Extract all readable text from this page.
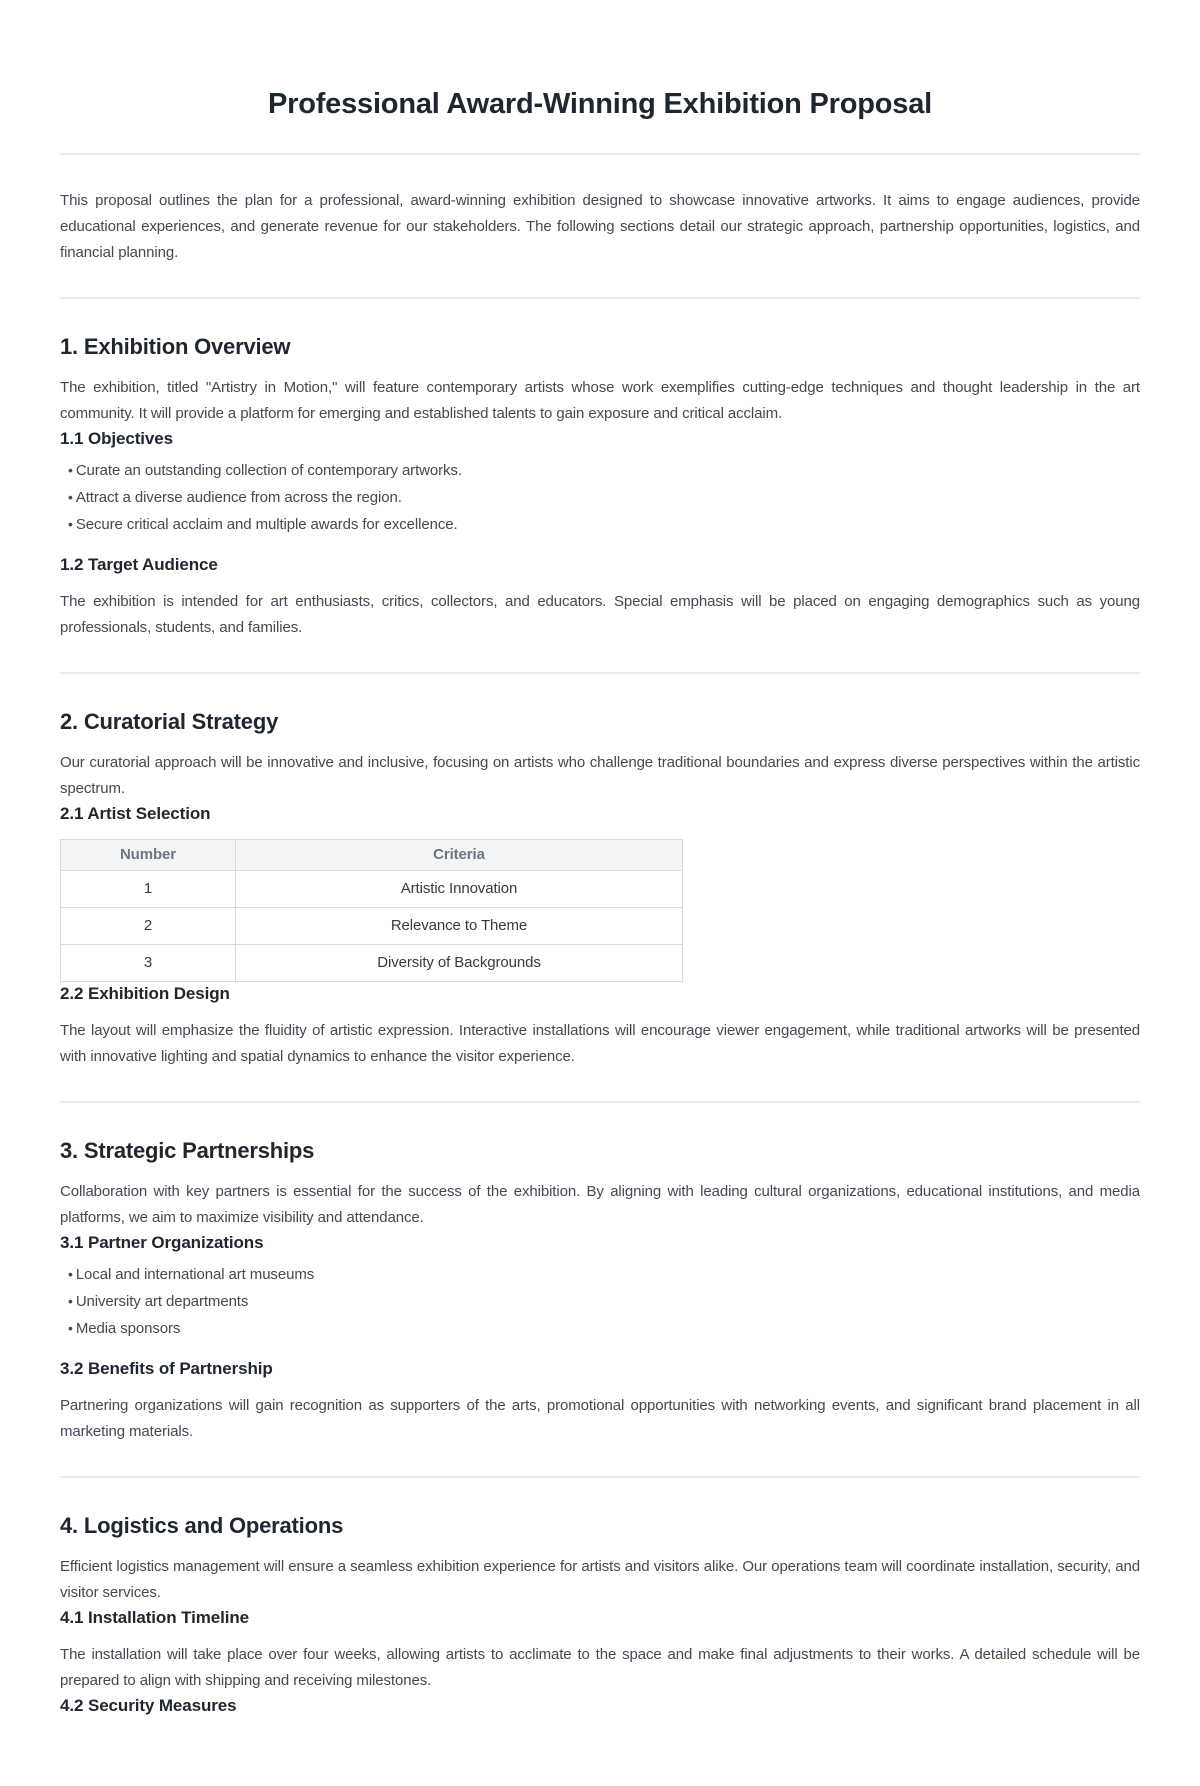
Professional Award-Winning Exhibition Proposal

This proposal outlines the plan for a professional, award-winning exhibition designed to showcase innovative artworks. It aims to engage audiences, provide educational experiences, and generate revenue for our stakeholders. The following sections detail our strategic approach, partnership opportunities, logistics, and financial planning.

1. Exhibition Overview

The exhibition, titled "Artistry in Motion," will feature contemporary artists whose work exemplifies cutting-edge techniques and thought leadership in the art community. It will provide a platform for emerging and established talents to gain exposure and critical acclaim.

1.1 Objectives
• Curate an outstanding collection of contemporary artworks.
• Attract a diverse audience from across the region.
• Secure critical acclaim and multiple awards for excellence.
1.2 Target Audience

The exhibition is intended for art enthusiasts, critics, collectors, and educators. Special emphasis will be placed on engaging demographics such as young professionals, students, and families.

2. Curatorial Strategy

Our curatorial approach will be innovative and inclusive, focusing on artists who challenge traditional boundaries and express diverse perspectives within the artistic spectrum.

2.1 Artist Selection
Number	Criteria
1	Artistic Innovation
2	Relevance to Theme
3	Diversity of Backgrounds
2.2 Exhibition Design

The layout will emphasize the fluidity of artistic expression. Interactive installations will encourage viewer engagement, while traditional artworks will be presented with innovative lighting and spatial dynamics to enhance the visitor experience.

3. Strategic Partnerships

Collaboration with key partners is essential for the success of the exhibition. By aligning with leading cultural organizations, educational institutions, and media platforms, we aim to maximize visibility and attendance.

3.1 Partner Organizations
• Local and international art museums
• University art departments
• Media sponsors
3.2 Benefits of Partnership

Partnering organizations will gain recognition as supporters of the arts, promotional opportunities with networking events, and significant brand placement in all marketing materials.

4. Logistics and Operations

Efficient logistics management will ensure a seamless exhibition experience for artists and visitors alike. Our operations team will coordinate installation, security, and visitor services.

4.1 Installation Timeline

The installation will take place over four weeks, allowing artists to acclimate to the space and make final adjustments to their works. A detailed schedule will be prepared to align with shipping and receiving milestones.

4.2 Security Measures
